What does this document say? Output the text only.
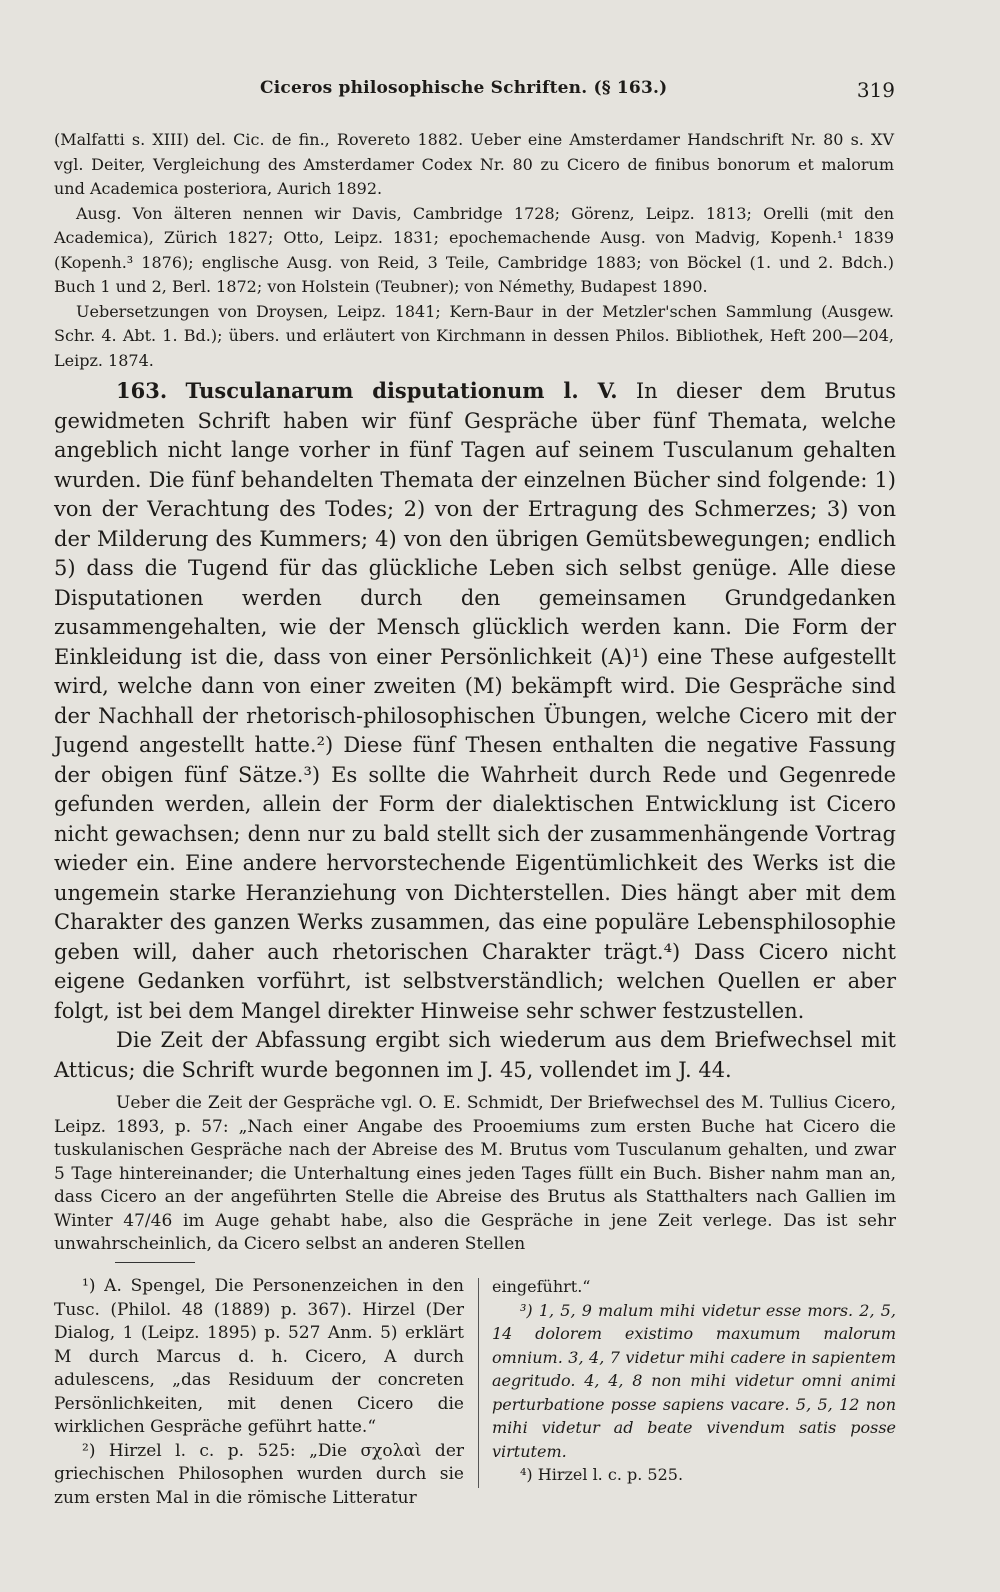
Ciceros philosophische Schriften. (§ 163.)	319

(Malfatti s. XIII) del. Cic. de fin., Rovereto 1882. Ueber eine Amsterdamer Handschrift Nr. 80 s. XV vgl. Deiter, Vergleichung des Amsterdamer Codex Nr. 80 zu Cicero de finibus bonorum et malorum und Academica posteriora, Aurich 1892.

Ausg. Von älteren nennen wir Davis, Cambridge 1728; Görenz, Leipz. 1813; Orelli (mit den Academica), Zürich 1827; Otto, Leipz. 1831; epochemachende Ausg. von Madvig, Kopenh.¹ 1839 (Kopenh.³ 1876); englische Ausg. von Reid, 3 Teile, Cambridge 1883; von Böckel (1. und 2. Bdch.) Buch 1 und 2, Berl. 1872; von Holstein (Teubner); von Némethy, Budapest 1890.

Uebersetzungen von Droysen, Leipz. 1841; Kern-Baur in der Metzler'schen Sammlung (Ausgew. Schr. 4. Abt. 1. Bd.); übers. und erläutert von Kirchmann in dessen Philos. Bibliothek, Heft 200—204, Leipz. 1874.

163. Tusculanarum disputationum l. V. In dieser dem Brutus gewidmeten Schrift haben wir fünf Gespräche über fünf Themata, welche angeblich nicht lange vorher in fünf Tagen auf seinem Tusculanum gehalten wurden. Die fünf behandelten Themata der einzelnen Bücher sind folgende: 1) von der Verachtung des Todes; 2) von der Ertragung des Schmerzes; 3) von der Milderung des Kummers; 4) von den übrigen Gemütsbewegungen; endlich 5) dass die Tugend für das glückliche Leben sich selbst genüge. Alle diese Disputationen werden durch den gemeinsamen Grundgedanken zusammengehalten, wie der Mensch glücklich werden kann. Die Form der Einkleidung ist die, dass von einer Persönlichkeit (A)¹) eine These aufgestellt wird, welche dann von einer zweiten (M) bekämpft wird. Die Gespräche sind der Nachhall der rhetorisch-philosophischen Übungen, welche Cicero mit der Jugend angestellt hatte.²) Diese fünf Thesen enthalten die negative Fassung der obigen fünf Sätze.³) Es sollte die Wahrheit durch Rede und Gegenrede gefunden werden, allein der Form der dialektischen Entwicklung ist Cicero nicht gewachsen; denn nur zu bald stellt sich der zusammenhängende Vortrag wieder ein. Eine andere hervorstechende Eigentümlichkeit des Werks ist die ungemein starke Heranziehung von Dichterstellen. Dies hängt aber mit dem Charakter des ganzen Werks zusammen, das eine populäre Lebensphilosophie geben will, daher auch rhetorischen Charakter trägt.⁴) Dass Cicero nicht eigene Gedanken vorführt, ist selbstverständlich; welchen Quellen er aber folgt, ist bei dem Mangel direkter Hinweise sehr schwer festzustellen.

Die Zeit der Abfassung ergibt sich wiederum aus dem Briefwechsel mit Atticus; die Schrift wurde begonnen im J. 45, vollendet im J. 44.

Ueber die Zeit der Gespräche vgl. O. E. Schmidt, Der Briefwechsel des M. Tullius Cicero, Leipz. 1893, p. 57: „Nach einer Angabe des Prooemiums zum ersten Buche hat Cicero die tuskulanischen Gespräche nach der Abreise des M. Brutus vom Tusculanum gehalten, und zwar 5 Tage hintereinander; die Unterhaltung eines jeden Tages füllt ein Buch. Bisher nahm man an, dass Cicero an der angeführten Stelle die Abreise des Brutus als Statthalters nach Gallien im Winter 47/46 im Auge gehabt habe, also die Gespräche in jene Zeit verlege. Das ist sehr unwahrscheinlich, da Cicero selbst an anderen Stellen

¹) A. Spengel, Die Personenzeichen in den Tusc. (Philol. 48 (1889) p. 367). Hirzel (Der Dialog, 1 (Leipz. 1895) p. 527 Anm. 5) erklärt M durch Marcus d. h. Cicero, A durch adulescens, „das Residuum der concreten Persönlichkeiten, mit denen Cicero die wirklichen Gespräche geführt hatte.“

²) Hirzel l. c. p. 525: „Die σχολαὶ der griechischen Philosophen wurden durch sie zum ersten Mal in die römische Litteratur

eingeführt.“

³) 1, 5, 9 malum mihi videtur esse mors. 2, 5, 14 dolorem existimo maxumum malorum omnium. 3, 4, 7 videtur mihi cadere in sapientem aegritudo. 4, 4, 8 non mihi videtur omni animi perturbatione posse sapiens vacare. 5, 5, 12 non mihi videtur ad beate vivendum satis posse virtutem.

⁴) Hirzel l. c. p. 525.
